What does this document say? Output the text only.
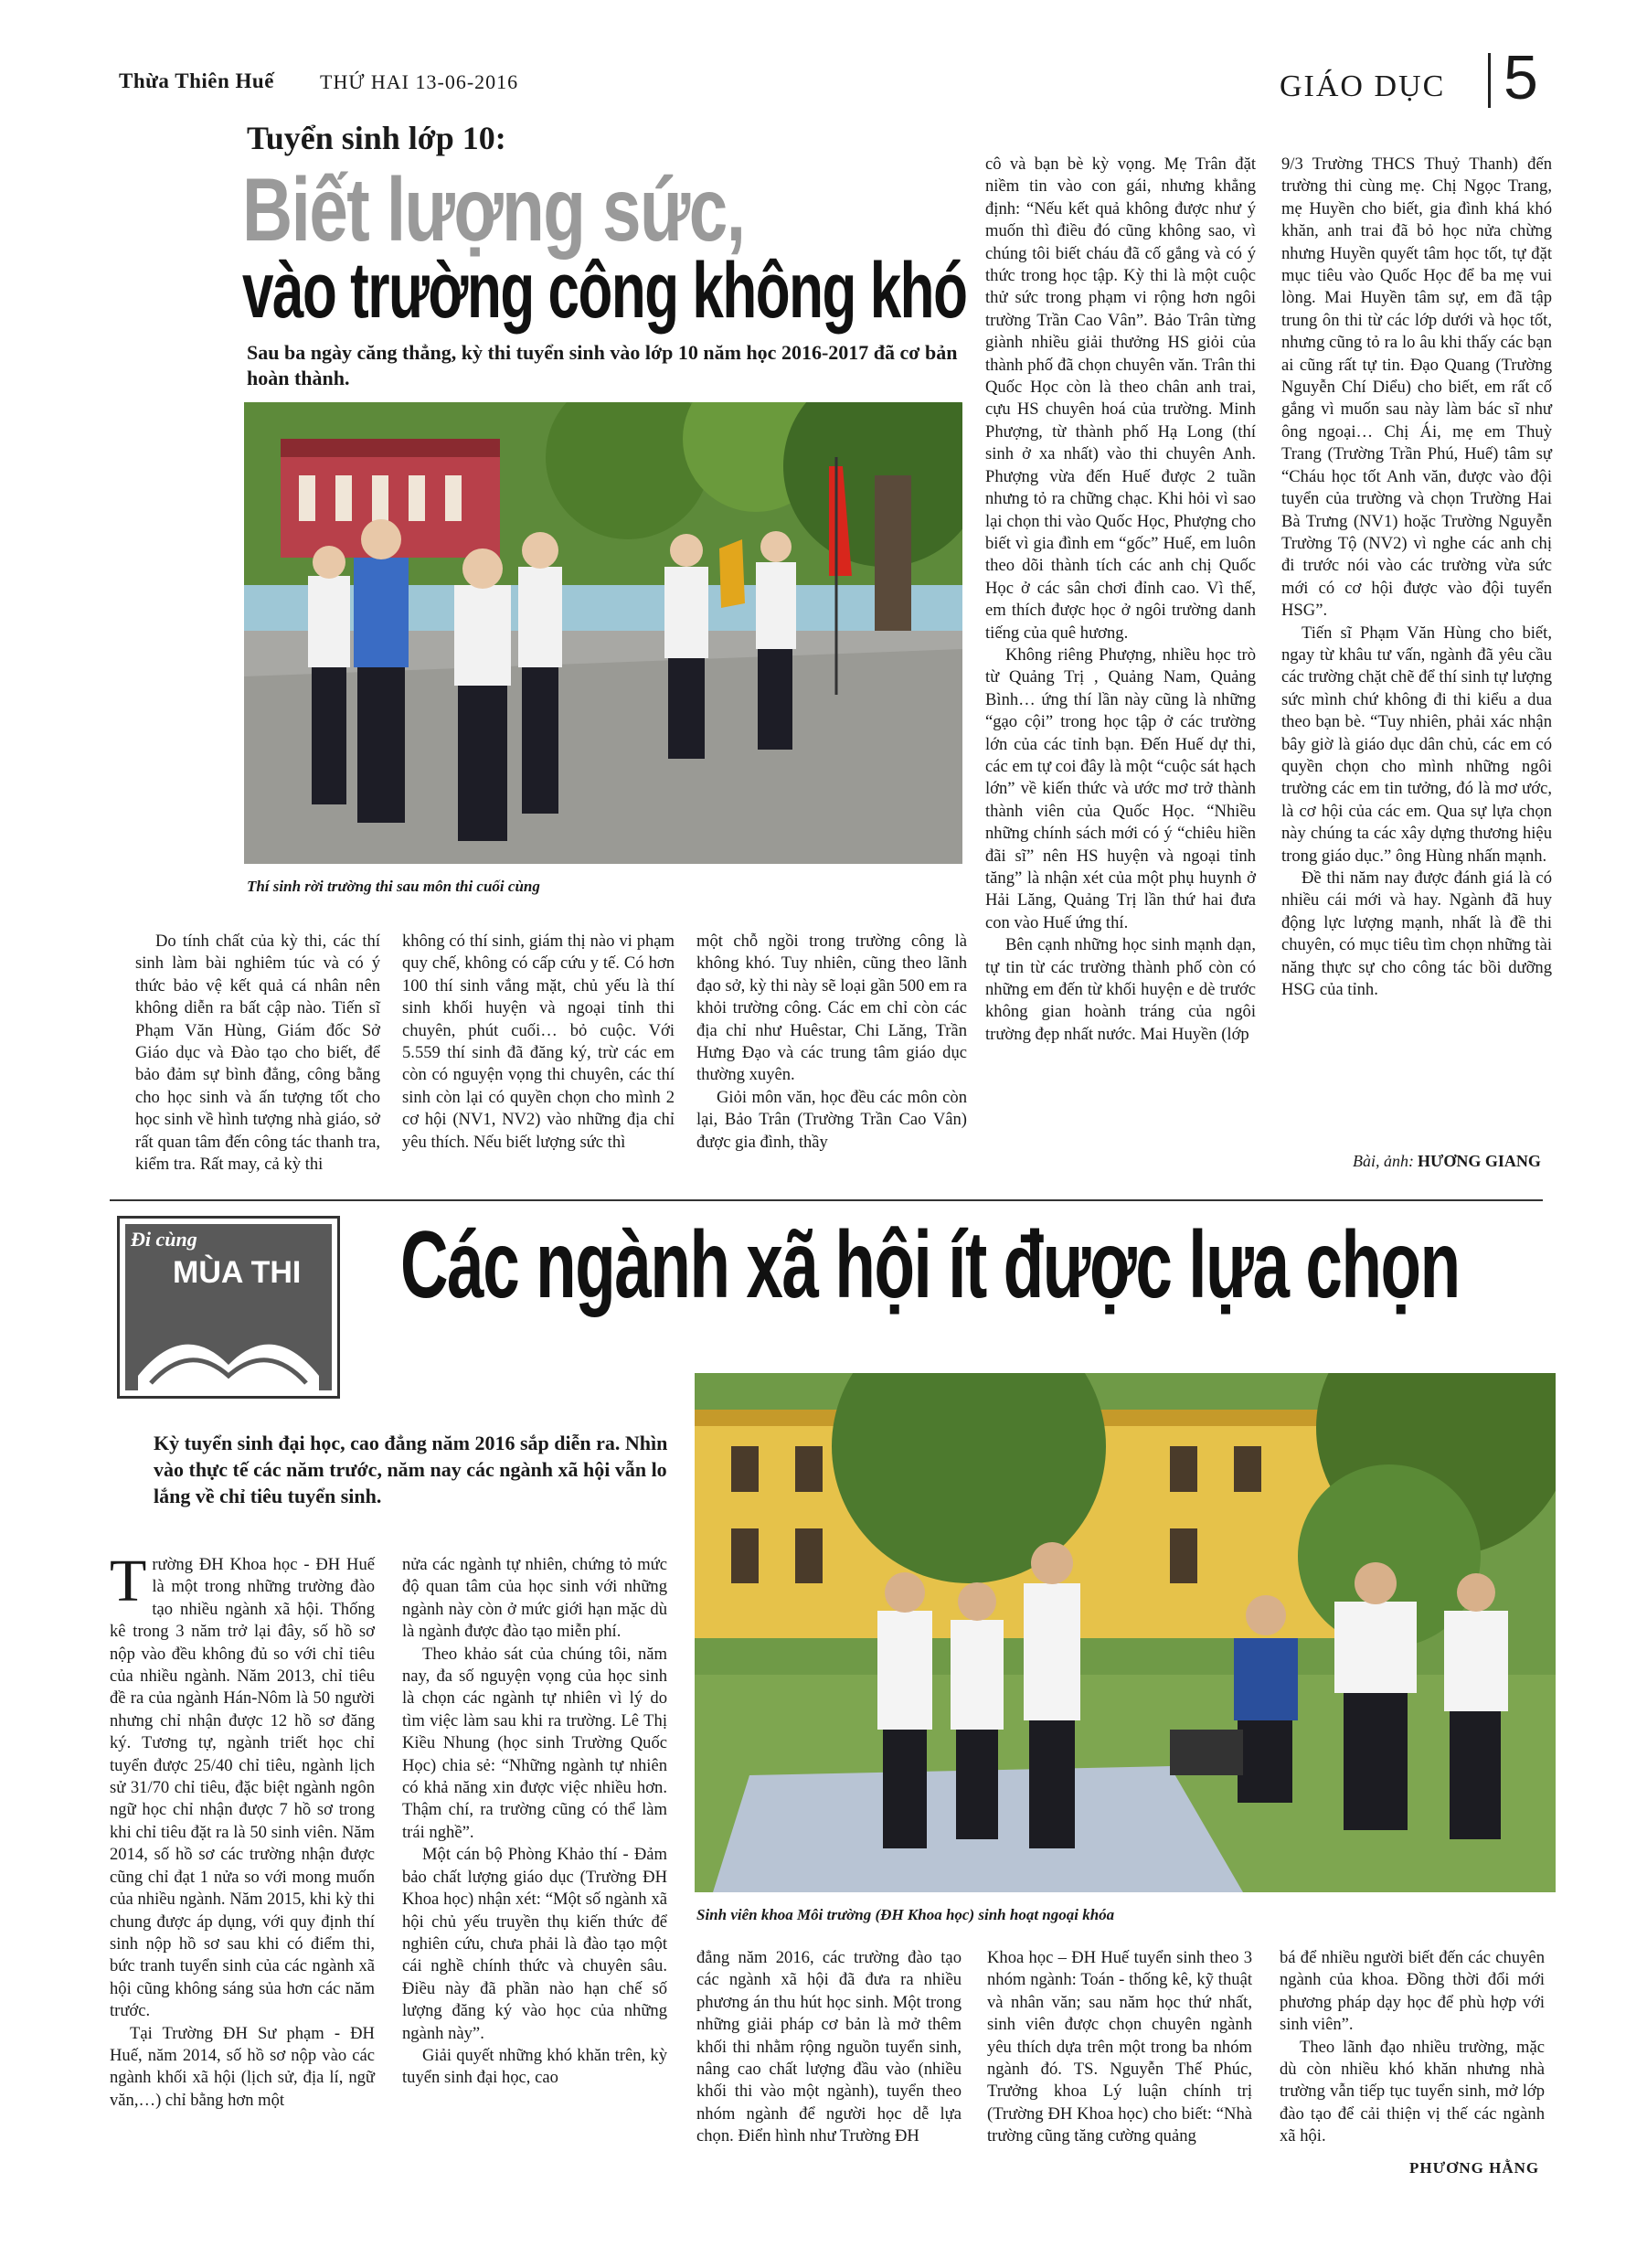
Thừa Thiên Huế THỨ HAI 13-06-2016	GIÁO DỤC 5
Tuyển sinh lớp 10:
Biết lượng sức,
vào trường công không khó
Sau ba ngày căng thẳng, kỳ thi tuyển sinh vào lớp 10 năm học 2016-2017 đã cơ bản hoàn thành.
Thí sinh rời trường thi sau môn thi cuối cùng

Do tính chất của kỳ thi, các thí sinh làm bài nghiêm túc và có ý thức bảo vệ kết quả cá nhân nên không diễn ra bất cập nào. Tiến sĩ Phạm Văn Hùng, Giám đốc Sở Giáo dục và Đào tạo cho biết, để bảo đảm sự bình đẳng, công bằng cho học sinh và ấn tượng tốt cho học sinh về hình tượng nhà giáo, sở rất quan tâm đến công tác thanh tra, kiểm tra. Rất may, cả kỳ thi

không có thí sinh, giám thị nào vi phạm quy chế, không có cấp cứu y tế. Có hơn 100 thí sinh vắng mặt, chủ yếu là thí sinh khối huyện và ngoại tỉnh thi chuyên, phút cuối… bỏ cuộc. Với 5.559 thí sinh đã đăng ký, trừ các em còn có nguyện vọng thi chuyên, các thí sinh còn lại có quyền chọn cho mình 2 cơ hội (NV1, NV2) vào những địa chỉ yêu thích. Nếu biết lượng sức thì

một chỗ ngồi trong trường công là không khó. Tuy nhiên, cũng theo lãnh đạo sở, kỳ thi này sẽ loại gần 500 em ra khỏi trường công. Các em chỉ còn các địa chỉ như Huêstar, Chi Lăng, Trần Hưng Đạo và các trung tâm giáo dục thường xuyên.

Giỏi môn văn, học đều các môn còn lại, Bảo Trân (Trường Trần Cao Vân) được gia đình, thầy

cô và bạn bè kỳ vọng. Mẹ Trân đặt niềm tin vào con gái, nhưng khẳng định: “Nếu kết quả không được như ý muốn thì điều đó cũng không sao, vì chúng tôi biết cháu đã cố gắng và có ý thức trong học tập. Kỳ thi là một cuộc thử sức trong phạm vi rộng hơn ngôi trường Trần Cao Vân”. Bảo Trân từng giành nhiều giải thưởng HS giỏi của thành phố đã chọn chuyên văn. Trân thi Quốc Học còn là theo chân anh trai, cựu HS chuyên hoá của trường. Minh Phượng, từ thành phố Hạ Long (thí sinh ở xa nhất) vào thi chuyên Anh. Phượng vừa đến Huế được 2 tuần nhưng tỏ ra chững chạc. Khi hỏi vì sao lại chọn thi vào Quốc Học, Phượng cho biết vì gia đình em “gốc” Huế, em luôn theo dõi thành tích các anh chị Quốc Học ở các sân chơi đỉnh cao. Vì thế, em thích được học ở ngôi trường danh tiếng của quê hương.

Không riêng Phượng, nhiều học trò từ Quảng Trị , Quảng Nam, Quảng Bình… ứng thí lần này cũng là những “gạo cội” trong học tập ở các trường lớn của các tỉnh bạn. Đến Huế dự thi, các em tự coi đây là một “cuộc sát hạch lớn” về kiến thức và ước mơ trở thành thành viên của Quốc Học. “Nhiều những chính sách mới có ý “chiêu hiền đãi sĩ” nên HS huyện và ngoại tỉnh tăng” là nhận xét của một phụ huynh ở Hải Lăng, Quảng Trị lần thứ hai đưa con vào Huế ứng thí.

Bên cạnh những học sinh mạnh dạn, tự tin từ các trường thành phố còn có những em đến từ khối huyện e dè trước không gian hoành tráng của ngôi trường đẹp nhất nước. Mai Huyền (lớp

9/3 Trường THCS Thuỷ Thanh) đến trường thi cùng mẹ. Chị Ngọc Trang, mẹ Huyền cho biết, gia đình khá khó khăn, anh trai đã bỏ học nửa chừng nhưng Huyền quyết tâm học tốt, tự đặt mục tiêu vào Quốc Học để ba mẹ vui lòng. Mai Huyền tâm sự, em đã tập trung ôn thi từ các lớp dưới và học tốt, nhưng cũng tỏ ra lo âu khi thấy các bạn ai cũng rất tự tin. Đạo Quang (Trường Nguyễn Chí Diểu) cho biết, em rất cố gắng vì muốn sau này làm bác sĩ như ông ngoại… Chị Ái, mẹ em Thuỳ Trang (Trường Trần Phú, Huế) tâm sự “Cháu học tốt Anh văn, được vào đội tuyển của trường và chọn Trường Hai Bà Trưng (NV1) hoặc Trường Nguyễn Trường Tộ (NV2) vì nghe các anh chị đi trước nói vào các trường vừa sức mới có cơ hội được vào đội tuyển HSG”.

Tiến sĩ Phạm Văn Hùng cho biết, ngay từ khâu tư vấn, ngành đã yêu cầu các trường chặt chẽ để thí sinh tự lượng sức mình chứ không đi thi kiểu a dua theo bạn bè. “Tuy nhiên, phải xác nhận bây giờ là giáo dục dân chủ, các em có quyền chọn cho mình những ngôi trường các em tin tưởng, đó là mơ ước, là cơ hội của các em. Qua sự lựa chọn này chúng ta các xây dựng thương hiệu trong giáo dục.” ông Hùng nhấn mạnh.

Đề thi năm nay được đánh giá là có nhiều cái mới và hay. Ngành đã huy động lực lượng mạnh, nhất là đề thi chuyên, có mục tiêu tìm chọn những tài năng thực sự cho công tác bồi dưỡng HSG của tỉnh.

Bài, ảnh: HƯƠNG GIANG
Đi cùng
MÙA THI Các ngành xã hội ít được lựa chọn
Kỳ tuyển sinh đại học, cao đẳng năm 2016 sắp diễn ra. Nhìn vào thực tế các năm trước, năm nay các ngành xã hội vẫn lo lắng về chỉ tiêu tuyển sinh.
Sinh viên khoa Môi trường (ĐH Khoa học) sinh hoạt ngoại khóa

Trường ĐH Khoa học - ĐH Huế là một trong những trường đào tạo nhiều ngành xã hội. Thống kê trong 3 năm trở lại đây, số hồ sơ nộp vào đều không đủ so với chỉ tiêu của nhiều ngành. Năm 2013, chỉ tiêu đề ra của ngành Hán-Nôm là 50 người nhưng chỉ nhận được 12 hồ sơ đăng ký. Tương tự, ngành triết học chỉ tuyển được 25/40 chỉ tiêu, ngành lịch sử 31/70 chỉ tiêu, đặc biệt ngành ngôn ngữ học chỉ nhận được 7 hồ sơ trong khi chỉ tiêu đặt ra là 50 sinh viên. Năm 2014, số hồ sơ các trường nhận được cũng chỉ đạt 1 nửa so với mong muốn của nhiều ngành. Năm 2015, khi kỳ thi chung được áp dụng, với quy định thí sinh nộp hồ sơ sau khi có điểm thi, bức tranh tuyển sinh của các ngành xã hội cũng không sáng sủa hơn các năm trước.

Tại Trường ĐH Sư phạm - ĐH Huế, năm 2014, số hồ sơ nộp vào các ngành khối xã hội (lịch sử, địa lí, ngữ văn,…) chỉ bằng hơn một

nửa các ngành tự nhiên, chứng tỏ mức độ quan tâm của học sinh với những ngành này còn ở mức giới hạn mặc dù là ngành được đào tạo miễn phí.

Theo khảo sát của chúng tôi, năm nay, đa số nguyện vọng của học sinh là chọn các ngành tự nhiên vì lý do tìm việc làm sau khi ra trường. Lê Thị Kiều Nhung (học sinh Trường Quốc Học) chia sẻ: “Những ngành tự nhiên có khả năng xin được việc nhiều hơn. Thậm chí, ra trường cũng có thể làm trái nghề”.

Một cán bộ Phòng Khảo thí - Đảm bảo chất lượng giáo dục (Trường ĐH Khoa học) nhận xét: “Một số ngành xã hội chủ yếu truyền thụ kiến thức để nghiên cứu, chưa phải là đào tạo một cái nghề chính thức và chuyên sâu. Điều này đã phần nào hạn chế số lượng đăng ký vào học của những ngành này”.

Giải quyết những khó khăn trên, kỳ tuyển sinh đại học, cao

đẳng năm 2016, các trường đào tạo các ngành xã hội đã đưa ra nhiều phương án thu hút học sinh. Một trong những giải pháp cơ bản là mở thêm khối thi nhằm rộng nguồn tuyển sinh, nâng cao chất lượng đầu vào (nhiều khối thi vào một ngành), tuyển theo nhóm ngành để người học dễ lựa chọn. Điển hình như Trường ĐH

Khoa học – ĐH Huế tuyển sinh theo 3 nhóm ngành: Toán - thống kê, kỹ thuật và nhân văn; sau năm học thứ nhất, sinh viên được chọn chuyên ngành yêu thích dựa trên một trong ba nhóm ngành đó. TS. Nguyễn Thế Phúc, Trưởng khoa Lý luận chính trị (Trường ĐH Khoa học) cho biết: “Nhà trường cũng tăng cường quảng

bá để nhiều người biết đến các chuyên ngành của khoa. Đồng thời đổi mới phương pháp dạy học để phù hợp với sinh viên”.

Theo lãnh đạo nhiều trường, mặc dù còn nhiều khó khăn nhưng nhà trường vẫn tiếp tục tuyển sinh, mở lớp đào tạo để cải thiện vị thế các ngành xã hội.

PHƯƠNG HẰNG
